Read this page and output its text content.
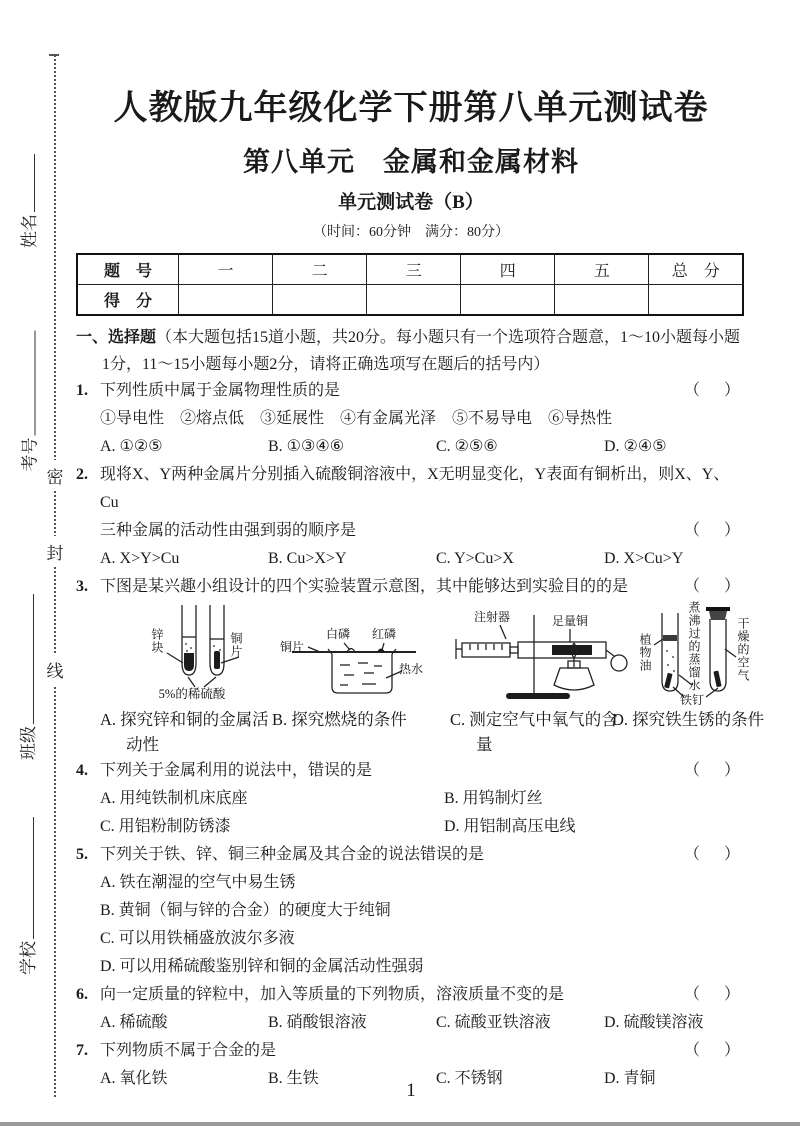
姓名
考号
班级
学校
密
封
线
人教版九年级化学下册第八单元测试卷
第八单元　金属和金属材料
单元测试卷（B）
（时间：60分钟　满分：80分）
题　号	一	二	三	四	五	总　分
得　分						
一、选择题（本大题包括15道小题，共20分。每小题只有一个选项符合题意，1～10小题每小题
1分，11～15小题每小题2分，请将正确选项写在题后的括号内）
1. 下列性质中属于金属物理性质的是	（　）
①导电性　②熔点低　③延展性　④有金属光泽　⑤不易导电　⑥导热性
A. ①②⑤	B. ①③④⑥	C. ②⑤⑥	D. ②④⑤
2. 现将X、Y两种金属片分别插入硫酸铜溶液中，X无明显变化，Y表面有铜析出，则X、Y、Cu
三种金属的活动性由强到弱的顺序是	（　）
A. X>Y>Cu	B. Cu>X>Y	C. Y>Cu>X	D. X>Cu>Y
3. 下图是某兴趣小组设计的四个实验装置示意图，其中能够达到实验目的的是	（　）
锌块	铜片
5%的稀硫酸
A. 探究锌和铜的金属活动性
白磷 红磷
铜片
热水
B. 探究燃烧的条件
注射器	足量铜
C. 测定空气中氧气的含量
植物油	煮沸过的蒸馏水	干燥的空气
铁钉
D. 探究铁生锈的条件
4. 下列关于金属利用的说法中，错误的是	（　）
A. 用纯铁制机床底座	B. 用钨制灯丝
C. 用铝粉制防锈漆	D. 用铝制高压电线
5. 下列关于铁、锌、铜三种金属及其合金的说法错误的是	（　）
A. 铁在潮湿的空气中易生锈
B. 黄铜（铜与锌的合金）的硬度大于纯铜
C. 可以用铁桶盛放波尔多液
D. 可以用稀硫酸鉴别锌和铜的金属活动性强弱
6. 向一定质量的锌粒中，加入等质量的下列物质，溶液质量不变的是	（　）
A. 稀硫酸	B. 硝酸银溶液	C. 硫酸亚铁溶液	D. 硫酸镁溶液
7. 下列物质不属于合金的是	（　）
A. 氧化铁	B. 生铁	C. 不锈钢	D. 青铜
1
